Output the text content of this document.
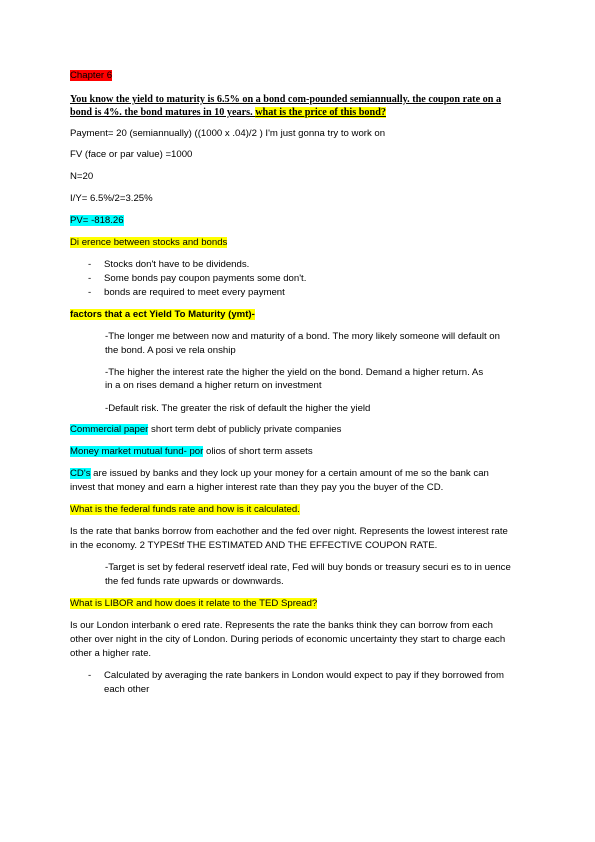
Chapter 6
You know the yield to maturity is 6.5% on a bond com-pounded semiannually. the coupon rate on a
bond is 4%. the bond matures in 10 years. what is the price of this bond?
Payment= 20 (semiannually) ((1000 x .04)/2 ) I'm just gonna try to work on
FV (face or par value) =1000
N=20
I/Y= 6.5%/2=3.25%
PV= -818.26
Di erence between stocks and bonds
- Stocks don't have to be dividends.
- Some bonds pay coupon payments some don't.
- bonds are required to meet every payment
factors that a ect Yield To Maturity (ymt)-
-The longer me between now and maturity of a bond. The mory likely someone will default on
the bond. A posi ve rela onship
-The higher the interest rate the higher the yield on the bond. Demand a higher return. As
in a on rises demand a higher return on investment
-Default risk. The greater the risk of default the higher the yield
Commercial paper short term debt of publicly private companies
Money market mutual fund- por olios of short term assets
CD's are issued by banks and they lock up your money for a certain amount of me so the bank can
invest that money and earn a higher interest rate than they pay you the buyer of the CD.
What is the federal funds rate and how is it calculated.
Is the rate that banks borrow from eachother and the fed over night. Represents the lowest interest rate
in the economy. 2 TYPEStf THE ESTIMATED AND THE EFFECTIVE COUPON RATE.
-Target is set by federal reservetf ideal rate, Fed will buy bonds or treasury securi es to in uence
the fed funds rate upwards or downwards.
What is LIBOR and how does it relate to the TED Spread?
Is our London interbank o ered rate. Represents the rate the banks think they can borrow from each
other over night in the city of London. During periods of economic uncertainty they start to charge each
other a higher rate.
- Calculated by averaging the rate bankers in London would expect to pay if they borrowed from
each other
